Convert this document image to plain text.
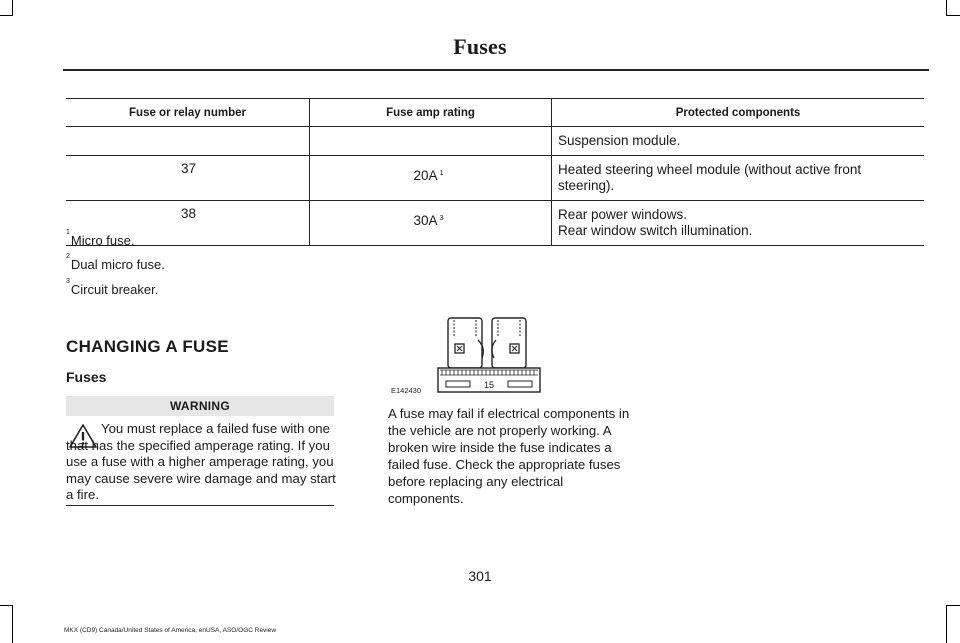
Fuses
Fuse or relay number	Fuse amp rating	Protected components

		Suspension module.

37	20A $^1$	Heated steering wheel module (without active front steering).

38	30A $^3$	Rear power windows.
Rear window switch illumination.
$^1$Micro fuse.
$^2$Dual micro fuse.
$^3$Circuit breaker.
CHANGING A FUSE
Fuses
WARNING
You must replace a failed fuse with one that has the specified amperage rating. If you use a fuse with a higher amperage rating, you may cause severe wire damage and may start a fire.
15
E142430
A fuse may fail if electrical components in the vehicle are not properly working. A broken wire inside the fuse indicates a failed fuse. Check the appropriate fuses before replacing any electrical components.
301
MKX (CD9) Canada/United States of America, enUSA, ASO/OGC Review
